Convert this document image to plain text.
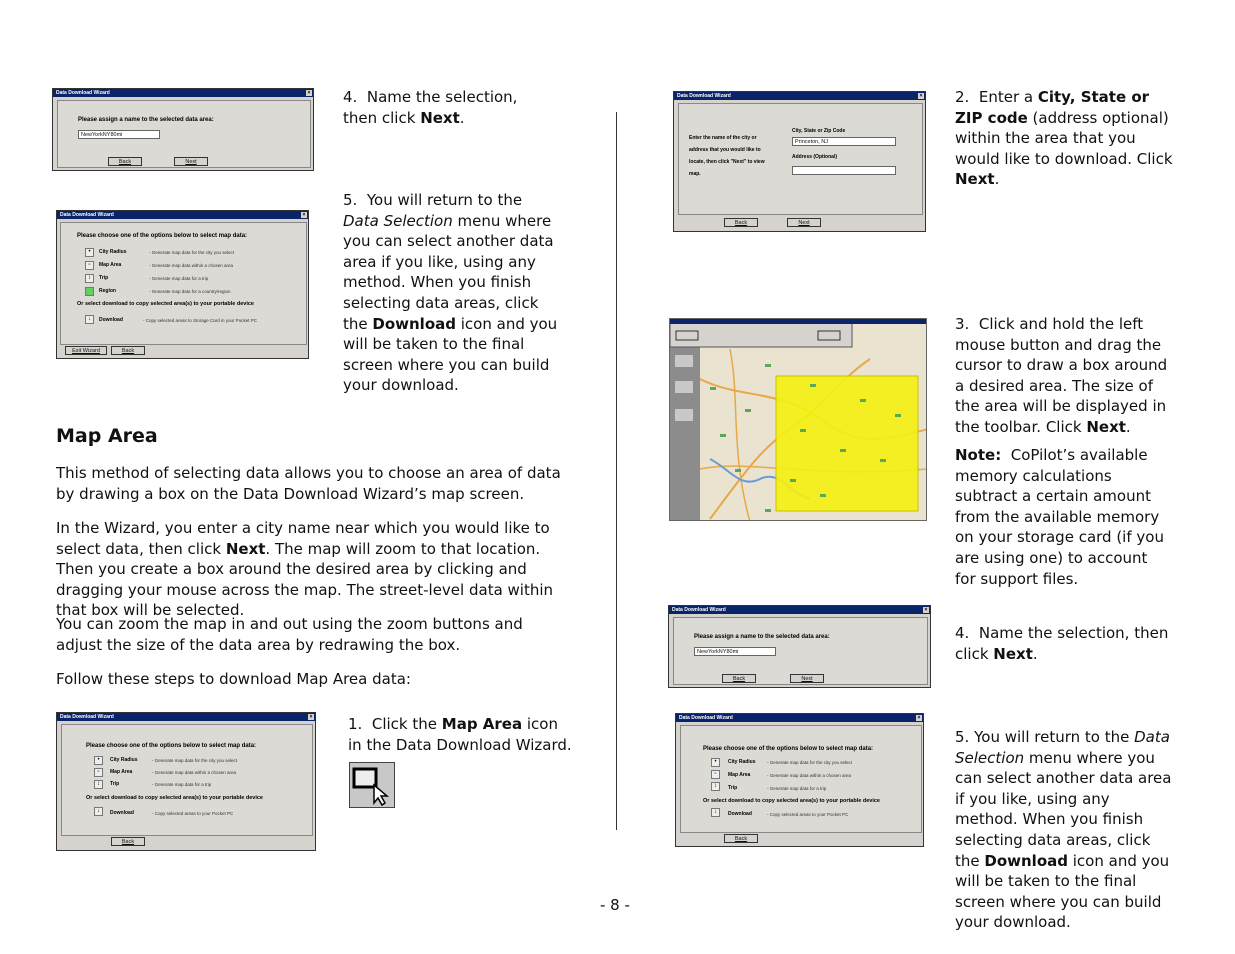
Data Download Wizard	×
Please assign a name to the selected data area:
NewYorkNY80mi
Back	Next
4. Name the selection, then click Next.
Data Download Wizard	×
Please choose one of the options below to select map data:
•	City Radius	- Generate map data for the city you select
▫	Map Area	- Generate map data within a chosen area
↕	Trip	- Generate map data for a trip
Region	- Generate map data for a country/region
Or select download to copy selected area(s) to your portable device
↓	Download	- Copy selected areas to Storage Card in your Pocket PC
Exit Wizard	Back
5. You will return to the Data Selection menu where you can select another data area if you like, using any method. When you finish selecting data areas, click the Download icon and you will be taken to the final screen where you can build your download.
Map Area
This method of selecting data allows you to choose an area of data by drawing a box on the Data Download Wizard’s map screen.
In the Wizard, you enter a city name near which you would like to select data, then click Next. The map will zoom to that location. Then you create a box around the desired area by clicking and dragging your mouse across the map. The street-level data within that box will be selected.
You can zoom the map in and out using the zoom buttons and adjust the size of the data area by redrawing the box.
Follow these steps to download Map Area data:
Data Download Wizard	×
Please choose one of the options below to select map data:
•	City Radius	- Generate map data for the city you select
▫	Map Area	- Generate map data within a chosen area
↕	Trip	- Generate map data for a trip
Or select download to copy selected area(s) to your portable device
↓	Download	- Copy selected areas to your Pocket PC
Back
1. Click the Map Area icon in the Data Download Wizard.
- 8 -
Data Download Wizard	×
Enter the name of the city or address that you would like to locate, then click "Next" to view map.
City, State or Zip Code
Princeton, NJ
Address (Optional)
Back	Next
2. Enter a City, State or ZIP code (address optional) within the area that you would like to download. Click Next.
3. Click and hold the left mouse button and drag the cursor to draw a box around a desired area. The size of the area will be displayed in the toolbar. Click Next.
Note: CoPilot’s available memory calculations subtract a certain amount from the available memory on your storage card (if you are using one) to account for support files.
Data Download Wizard	×
Please assign a name to the selected data area:
NewYorkNY80mi
Back	Next
4. Name the selection, then click Next.
Data Download Wizard	×
Please choose one of the options below to select map data:
•	City Radius	- Generate map data for the city you select
▫	Map Area	- Generate map data within a chosen area
↕	Trip	- Generate map data for a trip
Or select download to copy selected area(s) to your portable device
↓	Download	- Copy selected areas to your Pocket PC
Back
5. You will return to the Data Selection menu where you can select another data area if you like, using any method. When you finish selecting data areas, click the Download icon and you will be taken to the final screen where you can build your download.
